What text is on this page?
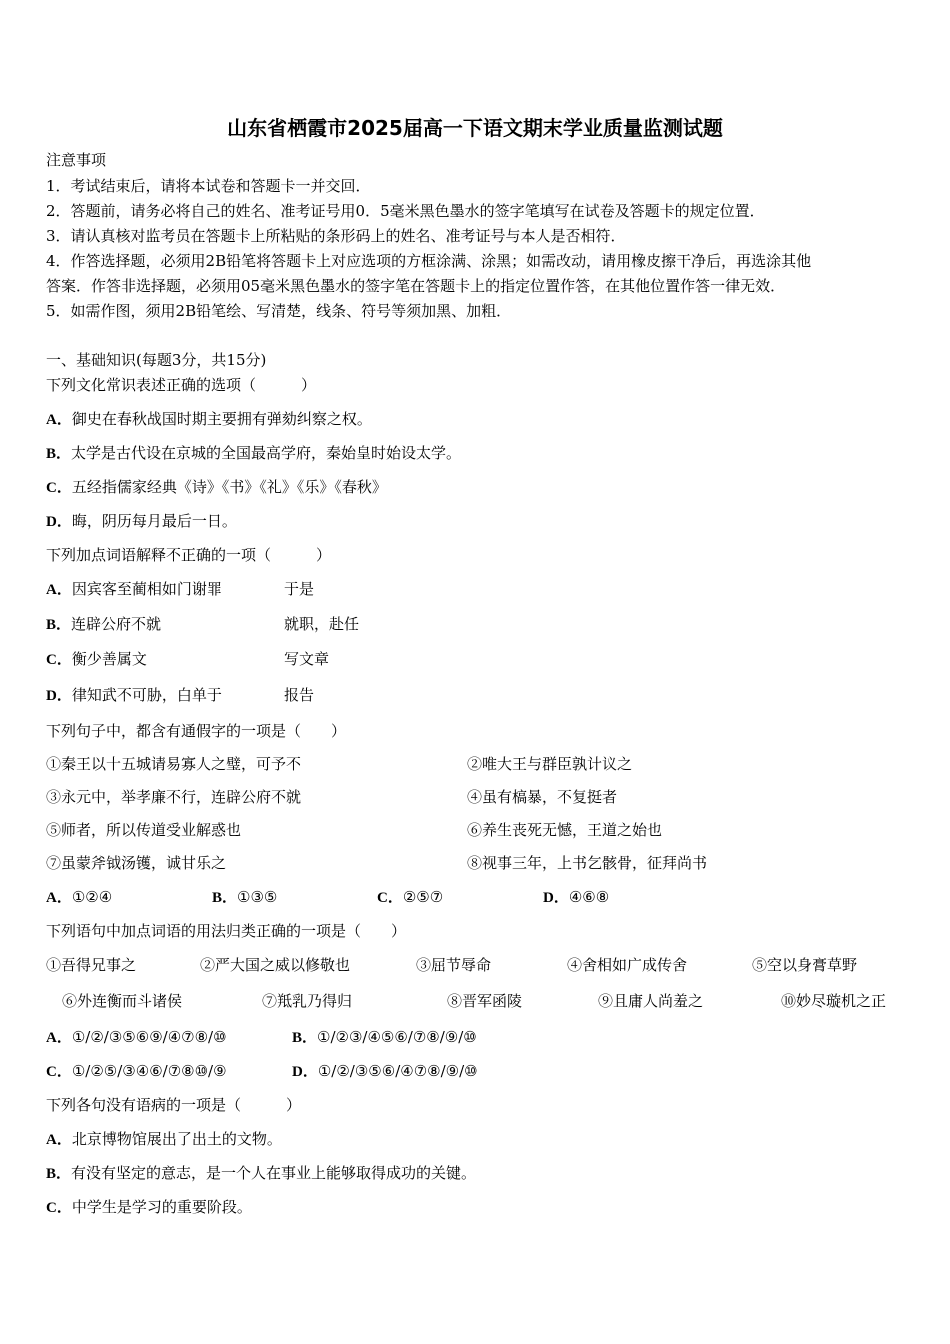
山东省栖霞市2025届高一下语文期末学业质量监测试题
注意事项
1．考试结束后，请将本试卷和答题卡一并交回．
2．答题前，请务必将自己的姓名、准考证号用0．5毫米黑色墨水的签字笔填写在试卷及答题卡的规定位置．
3．请认真核对监考员在答题卡上所粘贴的条形码上的姓名、准考证号与本人是否相符．
4．作答选择题，必须用2B铅笔将答题卡上对应选项的方框涂满、涂黑；如需改动，请用橡皮擦干净后，再选涂其他
答案．作答非选择题，必须用05毫米黑色墨水的签字笔在答题卡上的指定位置作答，在其他位置作答一律无效．
5．如需作图，须用2B铅笔绘、写清楚，线条、符号等须加黑、加粗．
一、基础知识(每题3分，共15分)
下列文化常识表述正确的选项（　　　）
A．御史在春秋战国时期主要拥有弹劾纠察之权。
B．太学是古代设在京城的全国最高学府，秦始皇时始设太学。
C．五经指儒家经典《诗》《书》《礼》《乐》《春秋》
D．晦，阴历每月最后一日。
下列加点词语解释不正确的一项（　　　）
A．因宾客至蔺相如门谢罪	于是
B．连辟公府不就	就职，赴任
C．衡少善属文	写文章
D．律知武不可胁，白单于	报告
下列句子中，都含有通假字的一项是（　　）
①秦王以十五城请易寡人之璧，可予不	②唯大王与群臣孰计议之
③永元中，举孝廉不行，连辟公府不就	④虽有槁暴，不复挺者
⑤师者，所以传道受业解惑也	⑥养生丧死无憾，王道之始也
⑦虽蒙斧钺汤镬，诚甘乐之	⑧视事三年，上书乞骸骨，征拜尚书
A．①②④	B．①③⑤	C．②⑤⑦	D．④⑥⑧
下列语句中加点词语的用法归类正确的一项是（　　）
①吾得兄事之	②严大国之威以修敬也	③屈节辱命	④舍相如广成传舍	⑤空以身膏草野
⑥外连衡而斗诸侯	⑦羝乳乃得归	⑧晋军函陵	⑨且庸人尚羞之	⑩妙尽璇机之正
A．①/②/③⑤⑥⑨/④⑦⑧/⑩	B．①/②③/④⑤⑥/⑦⑧/⑨/⑩
C．①/②⑤/③④⑥/⑦⑧⑩/⑨	D．①/②/③⑤⑥/④⑦⑧/⑨/⑩
下列各句没有语病的一项是（　　　）
A．北京博物馆展出了出土的文物。
B．有没有坚定的意志，是一个人在事业上能够取得成功的关键。
C．中学生是学习的重要阶段。
